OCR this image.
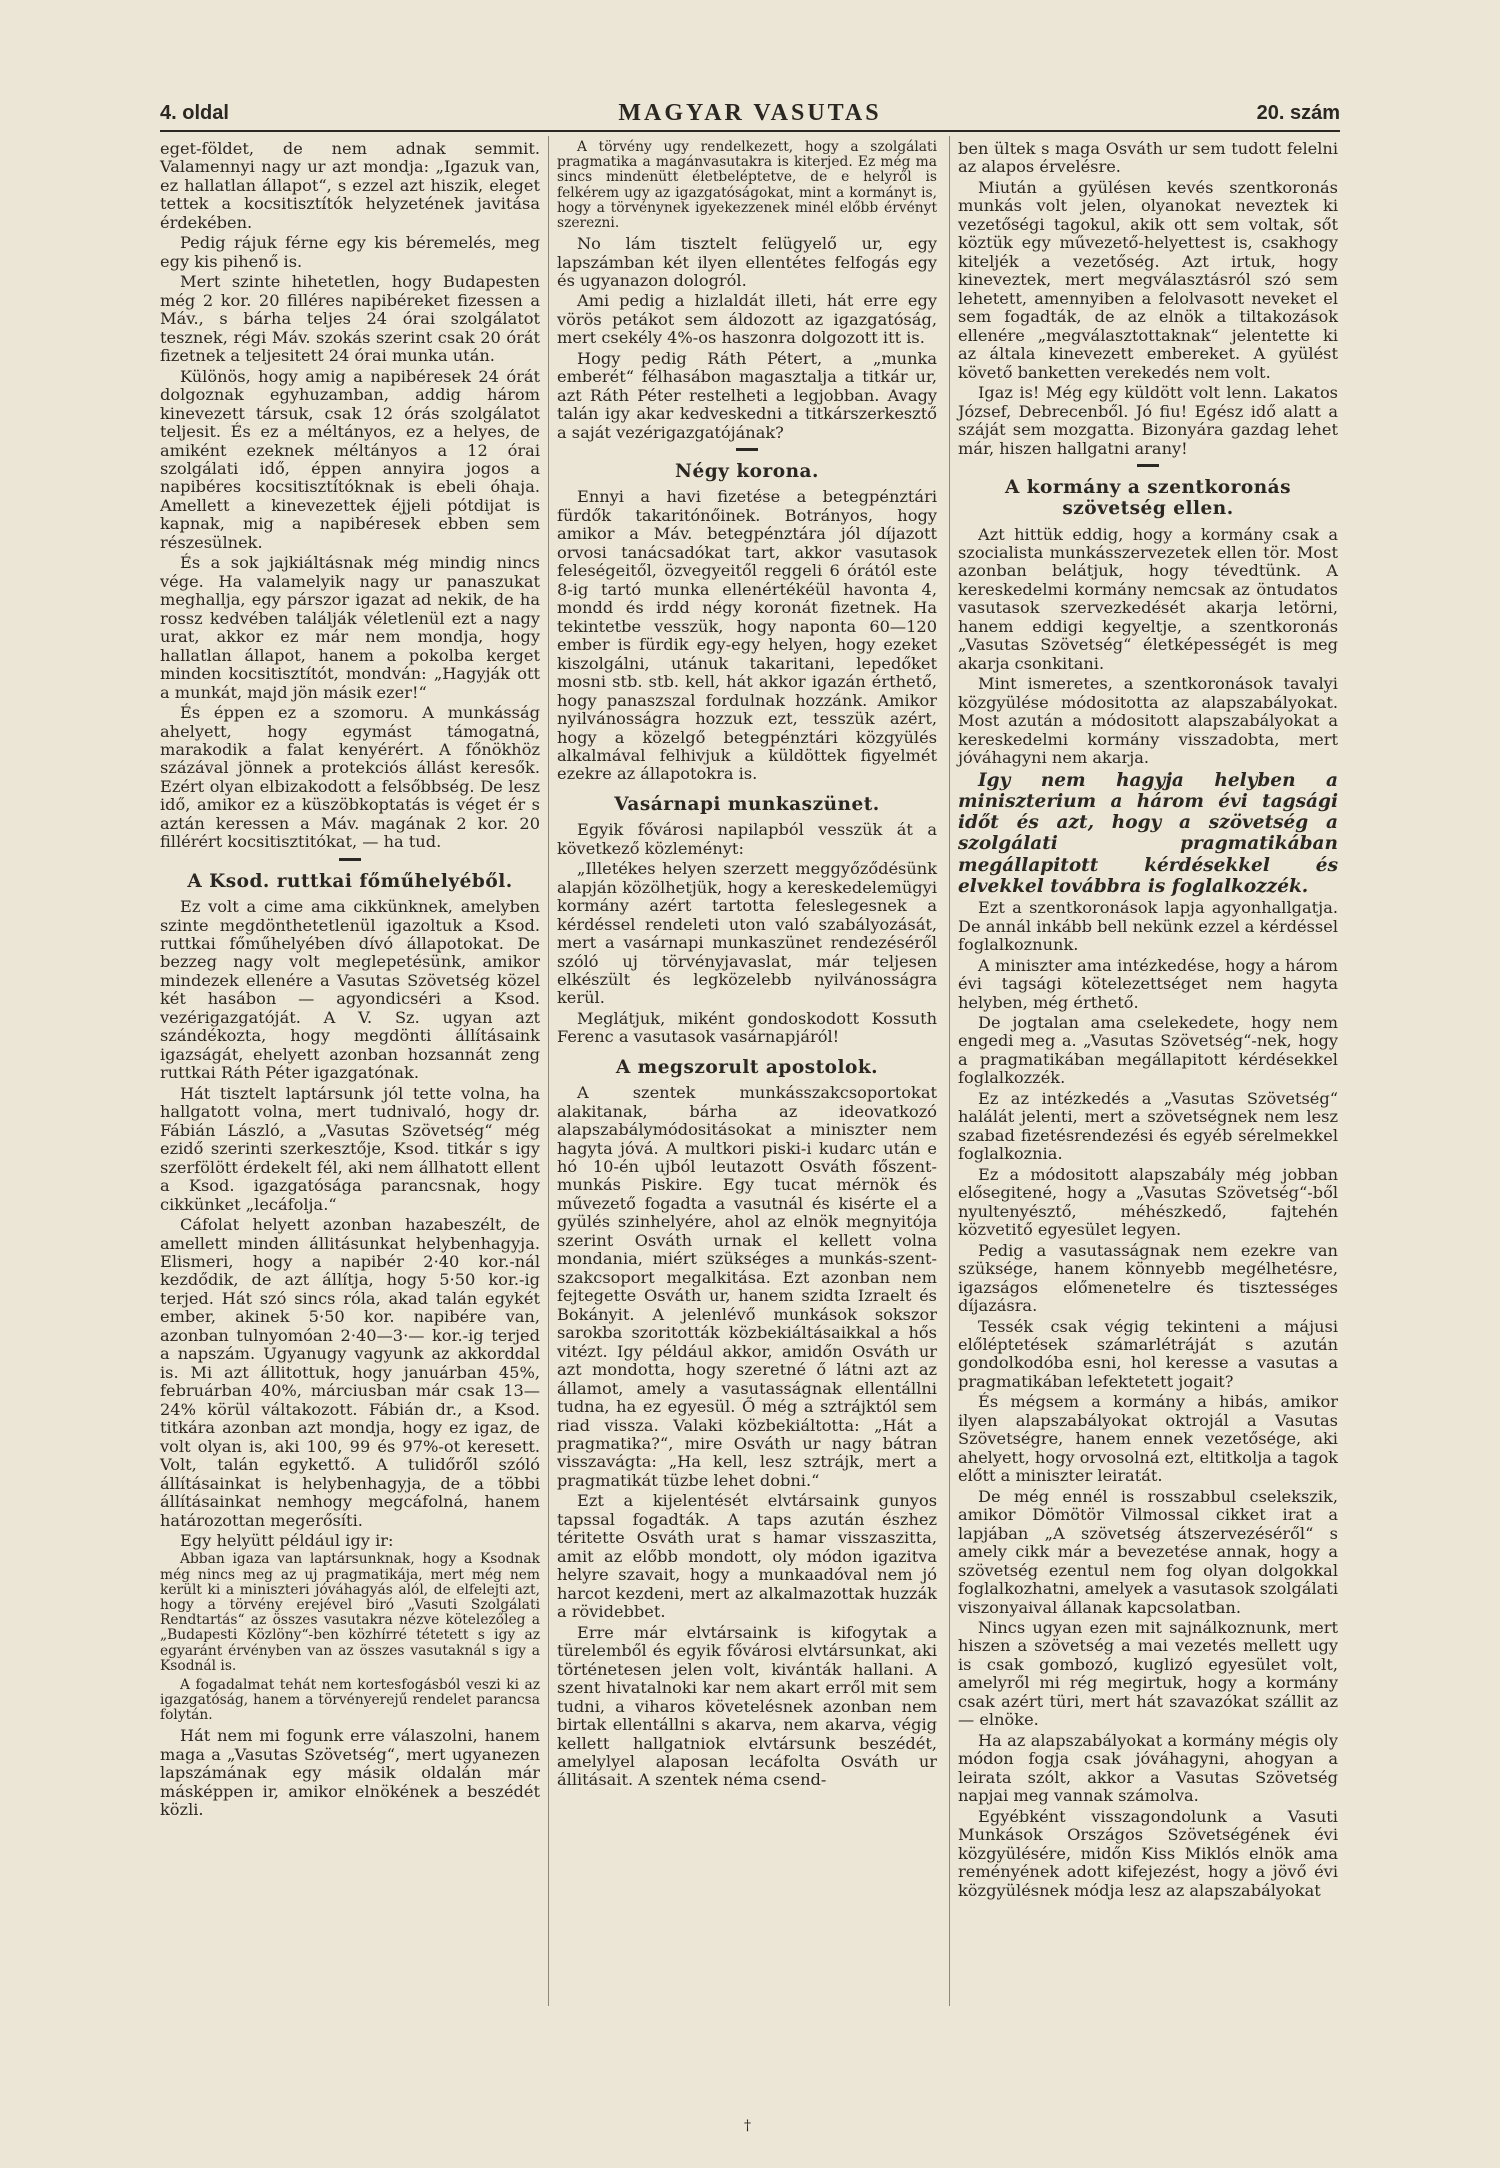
4. oldal	MAGYAR VASUTAS	20. szám

eget-földet, de nem adnak semmit. Valamennyi nagy ur azt mondja: „Igazuk van, ez hallatlan állapot“, s ezzel azt hiszik, eleget tettek a kocsitisztítók helyzetének javitása érdekében.

Pedig rájuk férne egy kis béremelés, meg egy kis pihenő is.

Mert szinte hihetetlen, hogy Budapesten még 2 kor. 20 filléres napibéreket fizessen a Máv., s bárha teljes 24 órai szolgálatot tesznek, régi Máv. szokás szerint csak 20 órát fizetnek a teljesitett 24 órai munka után.

Különös, hogy amig a napibéresek 24 órát dolgoznak egyhuzamban, addig három kinevezett társuk, csak 12 órás szolgálatot teljesit. És ez a méltányos, ez a helyes, de amiként ezeknek méltányos a 12 órai szolgálati idő, éppen annyira jogos a napibéres kocsitisztítóknak is ebeli óhaja. Amellett a kinevezettek éjjeli pótdijat is kapnak, mig a napibéresek ebben sem részesülnek.

És a sok jajkiáltásnak még mindig nincs vége. Ha valamelyik nagy ur panaszukat meghallja, egy párszor igazat ad nekik, de ha rossz kedvében találják véletlenül ezt a nagy urat, akkor ez már nem mondja, hogy hallatlan állapot, hanem a pokolba kerget minden kocsitisztítót, mondván: „Hagyják ott a munkát, majd jön másik ezer!“

És éppen ez a szomoru. A munkásság ahelyett, hogy egymást támogatná, marakodik a falat kenyérért. A főnökhöz százával jönnek a protekciós állást keresők. Ezért olyan elbizakodott a felsőbbség. De lesz idő, amikor ez a küszöbkoptatás is véget ér s aztán keressen a Máv. magának 2 kor. 20 fillérért kocsitisztitókat, — ha tud.

A Ksod. ruttkai főműhelyéből.

Ez volt a cime ama cikkünknek, amelyben szinte megdönthetetlenül igazoltuk a Ksod. ruttkai főműhelyében dívó állapotokat. De bezzeg nagy volt meglepetésünk, amikor mindezek ellenére a Vasutas Szövetség közel két hasábon — agyondicséri a Ksod. vezérigazgatóját. A V. Sz. ugyan azt szándékozta, hogy megdönti állításaink igazságát, ehelyett azonban hozsannát zeng ruttkai Ráth Péter igazgatónak.

Hát tisztelt laptársunk jól tette volna, ha hallgatott volna, mert tudnivaló, hogy dr. Fábián László, a „Vasutas Szövetség“ még ezidő szerinti szerkesztője, Ksod. titkár s igy szerfölött érdekelt fél, aki nem állhatott ellent a Ksod. igazgatósága parancsnak, hogy cikkünket „lecáfolja.“

Cáfolat helyett azonban hazabeszélt, de amellett minden állitásunkat helybenhagyja. Elismeri, hogy a napibér 2·40 kor.-nál kezdődik, de azt állítja, hogy 5·50 kor.-ig terjed. Hát szó sincs róla, akad talán egykét ember, akinek 5·50 kor. napibére van, azonban tulnyomóan 2·40—3·— kor.-ig terjed a napszám. Ugyanugy vagyunk az akkorddal is. Mi azt állitottuk, hogy januárban 45%, februárban 40%, márciusban már csak 13—24% körül váltakozott. Fábián dr., a Ksod. titkára azonban azt mondja, hogy ez igaz, de volt olyan is, aki 100, 99 és 97%-ot keresett. Volt, talán egykettő. A tulidőről szóló állításainkat is helybenhagyja, de a többi állításainkat nemhogy megcáfolná, hanem határozottan megerősíti.

Egy helyütt például igy ir:

Abban igaza van laptársunknak, hogy a Ksodnak még nincs meg az uj pragmatikája, mert még nem került ki a miniszteri jóváhagyás alól, de elfelejti azt, hogy a törvény erejével biró „Vasuti Szolgálati Rendtartás“ az összes vasutakra nézve kötelezőleg a „Budapesti Közlöny“-ben közhírré tétetett s igy az egyaránt érvényben van az összes vasutaknál s igy a Ksodnál is.

A fogadalmat tehát nem kortesfogásból veszi ki az igazgatóság, hanem a törvényerejű rendelet parancsa folytán.

Hát nem mi fogunk erre válaszolni, hanem maga a „Vasutas Szövetség“, mert ugyanezen lapszámának egy másik oldalán már másképpen ir, amikor elnökének a beszédét közli.

A törvény ugy rendelkezett, hogy a szolgálati pragmatika a magánvasutakra is kiterjed. Ez még ma sincs mindenütt életbeléptetve, de e helyről is felkérem ugy az igazgatóságokat, mint a kormányt is, hogy a törvénynek igyekezzenek minél előbb érvényt szerezni.

No lám tisztelt felügyelő ur, egy lapszámban két ilyen ellentétes felfogás egy és ugyanazon dologról.

Ami pedig a hizlaldát illeti, hát erre egy vörös petákot sem áldozott az igazgatóság, mert csekély 4%-os haszonra dolgozott itt is.

Hogy pedig Ráth Pétert, a „munka emberét“ félhasábon magasztalja a titkár ur, azt Ráth Péter restelheti a legjobban. Avagy talán igy akar kedveskedni a titkárszerkesztő a saját vezérigazgatójának?

Négy korona.

Ennyi a havi fizetése a betegpénztári fürdők takaritónőinek. Botrányos, hogy amikor a Máv. betegpénztára jól díjazott orvosi tanácsadókat tart, akkor vasutasok feleségeitől, özvegyeitől reggeli 6 órától este 8-ig tartó munka ellenértékéül havonta 4, mondd és irdd négy koronát fizetnek. Ha tekintetbe vesszük, hogy naponta 60—120 ember is fürdik egy-egy helyen, hogy ezeket kiszolgálni, utánuk takaritani, lepedőket mosni stb. stb. kell, hát akkor igazán érthető, hogy panaszszal fordulnak hozzánk. Amikor nyilvánosságra hozzuk ezt, tesszük azért, hogy a közelgő betegpénztári közgyülés alkalmával felhivjuk a küldöttek figyelmét ezekre az állapotokra is.

Vasárnapi munkaszünet.

Egyik fővárosi napilapból vesszük át a következő közleményt:

„Illetékes helyen szerzett meggyőződésünk alapján közölhetjük, hogy a kereskedelemügyi kormány azért tartotta feleslegesnek a kérdéssel rendeleti uton való szabályozását, mert a vasárnapi munkaszünet rendezéséről szóló uj törvényjavaslat, már teljesen elkészült és legközelebb nyilvánosságra kerül.

Meglátjuk, miként gondoskodott Kossuth Ferenc a vasutasok vasárnapjáról!

A megszorult apostolok.

A szentek munkásszakcsoportokat alakitanak, bárha az ideovatkozó alapszabálymódositásokat a miniszter nem hagyta jóvá. A multkori piski-i kudarc után e hó 10-én ujból leutazott Osváth főszent-munkás Piskire. Egy tucat mérnök és művezető fogadta a vasutnál és kisérte el a gyülés szinhelyére, ahol az elnök megnyitója szerint Osváth urnak el kellett volna mondania, miért szükséges a munkás-szent-szakcsoport megalkitása. Ezt azonban nem fejtegette Osváth ur, hanem szidta Izraelt és Bokányit. A jelenlévő munkások sokszor sarokba szoritották közbekiáltásaikkal a hős vitézt. Igy például akkor, amidőn Osváth ur azt mondotta, hogy szeretné ő látni azt az államot, amely a vasutasságnak ellentállni tudna, ha ez egyesül. Ő még a sztrájktól sem riad vissza. Valaki közbekiáltotta: „Hát a pragmatika?“, mire Osváth ur nagy bátran visszavágta: „Ha kell, lesz sztrájk, mert a pragmatikát tüzbe lehet dobni.“

Ezt a kijelentését elvtársaink gunyos tapssal fogadták. A taps azután észhez téritette Osváth urat s hamar visszaszitta, amit az előbb mondott, oly módon igazitva helyre szavait, hogy a munkaadóval nem jó harcot kezdeni, mert az alkalmazottak huzzák a rövidebbet.

Erre már elvtársaink is kifogytak a türelemből és egyik fővárosi elvtársunkat, aki történetesen jelen volt, kivánták hallani. A szent hivatalnoki kar nem akart erről mit sem tudni, a viharos követelésnek azonban nem birtak ellentállni s akarva, nem akarva, végig kellett hallgatniok elvtársunk beszédét, amelylyel alaposan lecáfolta Osváth ur állitásait. A szentek néma csend-

ben ültek s maga Osváth ur sem tudott felelni az alapos érvelésre.

Miután a gyülésen kevés szentkoronás munkás volt jelen, olyanokat neveztek ki vezetőségi tagokul, akik ott sem voltak, sőt köztük egy művezető-helyettest is, csakhogy kiteljék a vezetőség. Azt irtuk, hogy kineveztek, mert megválasztásról szó sem lehetett, amennyiben a felolvasott neveket el sem fogadták, de az elnök a tiltakozások ellenére „megválasztottaknak“ jelentette ki az általa kinevezett embereket. A gyülést követő banketten verekedés nem volt.

Igaz is! Még egy küldött volt lenn. Lakatos József, Debrecenből. Jó fiu! Egész idő alatt a száját sem mozgatta. Bizonyára gazdag lehet már, hiszen hallgatni arany!

A kormány a szentkoronás szövetség ellen.

Azt hittük eddig, hogy a kormány csak a szocialista munkásszervezetek ellen tör. Most azonban belátjuk, hogy tévedtünk. A kereskedelmi kormány nemcsak az öntudatos vasutasok szervezkedését akarja letörni, hanem eddigi kegyeltje, a szentkoronás „Vasutas Szövetség“ életképességét is meg akarja csonkitani.

Mint ismeretes, a szentkoronások tavalyi közgyülése módositotta az alapszabályokat. Most azután a módositott alapszabályokat a kereskedelmi kormány visszadobta, mert jóváhagyni nem akarja.

Igy nem hagyja helyben a miniszterium a három évi tagsági időt és azt, hogy a szövetség a szolgálati pragmatikában megállapitott kérdésekkel és elvekkel továbbra is foglalkozzék.

Ezt a szentkoronások lapja agyonhallgatja. De annál inkább bell nekünk ezzel a kérdéssel foglalkoznunk.

A miniszter ama intézkedése, hogy a három évi tagsági kötelezettséget nem hagyta helyben, még érthető.

De jogtalan ama cselekedete, hogy nem engedi meg a. „Vasutas Szövetség“-nek, hogy a pragmatikában megállapitott kérdésekkel foglalkozzék.

Ez az intézkedés a „Vasutas Szövetség“ halálát jelenti, mert a szövetségnek nem lesz szabad fizetésrendezési és egyéb sérelmekkel foglalkoznia.

Ez a módositott alapszabály még jobban elősegitené, hogy a „Vasutas Szövetség“-ből nyultenyésztő, méhészkedő, fajtehén közvetitő egyesület legyen.

Pedig a vasutasságnak nem ezekre van szüksége, hanem könnyebb megélhetésre, igazságos előmenetelre és tisztességes díjazásra.

Tessék csak végig tekinteni a májusi előléptetések számarlétráját s azután gondolkodóba esni, hol keresse a vasutas a pragmatikában lefektetett jogait?

És mégsem a kormány a hibás, amikor ilyen alapszabályokat oktrojál a Vasutas Szövetségre, hanem ennek vezetősége, aki ahelyett, hogy orvosolná ezt, eltitkolja a tagok előtt a miniszter leiratát.

De még ennél is rosszabbul cselekszik, amikor Dömötör Vilmossal cikket irat a lapjában „A szövetség átszervezéséről“ s amely cikk már a bevezetése annak, hogy a szövetség ezentul nem fog olyan dolgokkal foglalkozhatni, amelyek a vasutasok szolgálati viszonyaival állanak kapcsolatban.

Nincs ugyan ezen mit sajnálkoznunk, mert hiszen a szövetség a mai vezetés mellett ugy is csak gombozó, kuglizó egyesület volt, amelyről mi rég megirtuk, hogy a kormány csak azért türi, mert hát szavazókat szállit az — elnöke.

Ha az alapszabályokat a kormány mégis oly módon fogja csak jóváhagyni, ahogyan a leirata szólt, akkor a Vasutas Szövetség napjai meg vannak számolva.

Egyébként visszagondolunk a Vasuti Munkások Országos Szövetségének évi közgyülésére, midőn Kiss Miklós elnök ama reményének adott kifejezést, hogy a jövő évi közgyülésnek módja lesz az alapszabályokat

†
